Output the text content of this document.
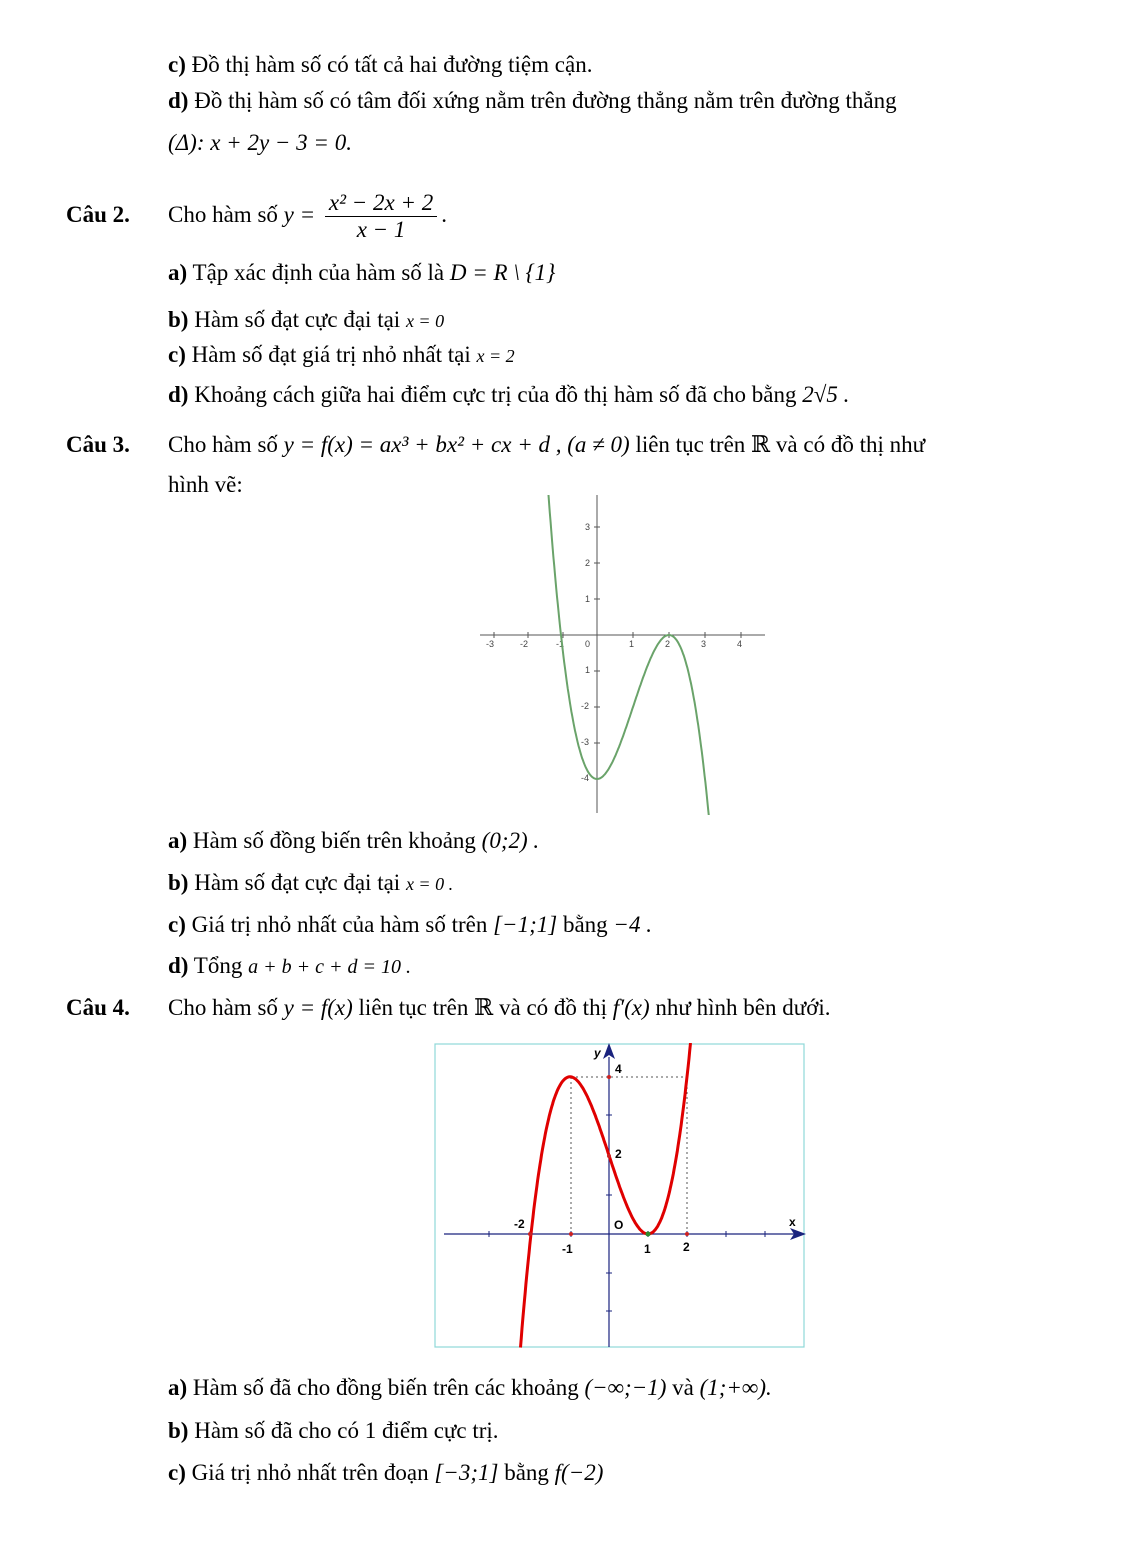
c) Đồ thị hàm số có tất cả hai đường tiệm cận.
d) Đồ thị hàm số có tâm đối xứng nằm trên đường thẳng nằm trên đường thẳng
(Δ): x + 2y − 3 = 0.
Câu 2. Cho hàm số $y = \frac{\text{x² − 2x + 2}}{x - 1}$ .
a) Tập xác định của hàm số là D = R \ {1}
b) Hàm số đạt cực đại tại x = 0
c) Hàm số đạt giá trị nhỏ nhất tại x = 2
d) Khoảng cách giữa hai điểm cực trị của đồ thị hàm số đã cho bằng 2√5 .
Câu 3. Cho hàm số y = f(x) = ax³ + bx² + cx + d , (a ≠ 0) liên tục trên ℝ và có đồ thị như
hình vẽ:
-3	-2	-1 0	1	2	3	4
1
2
3
1
-2
-3
-4
a) Hàm số đồng biến trên khoảng (0;2) .
b) Hàm số đạt cực đại tại x = 0 .
c) Giá trị nhỏ nhất của hàm số trên [−1;1] bằng −4 .
d) Tổng a + b + c + d = 10 .
Câu 4. Cho hàm số y = f(x) liên tục trên ℝ và có đồ thị f′(x) như hình bên dưới.
y
x
4
2
O
-2
-1	1	2
a) Hàm số đã cho đồng biến trên các khoảng (−∞;−1) và (1;+∞).
b) Hàm số đã cho có 1 điểm cực trị.
c) Giá trị nhỏ nhất trên đoạn [−3;1] bằng f(−2)
